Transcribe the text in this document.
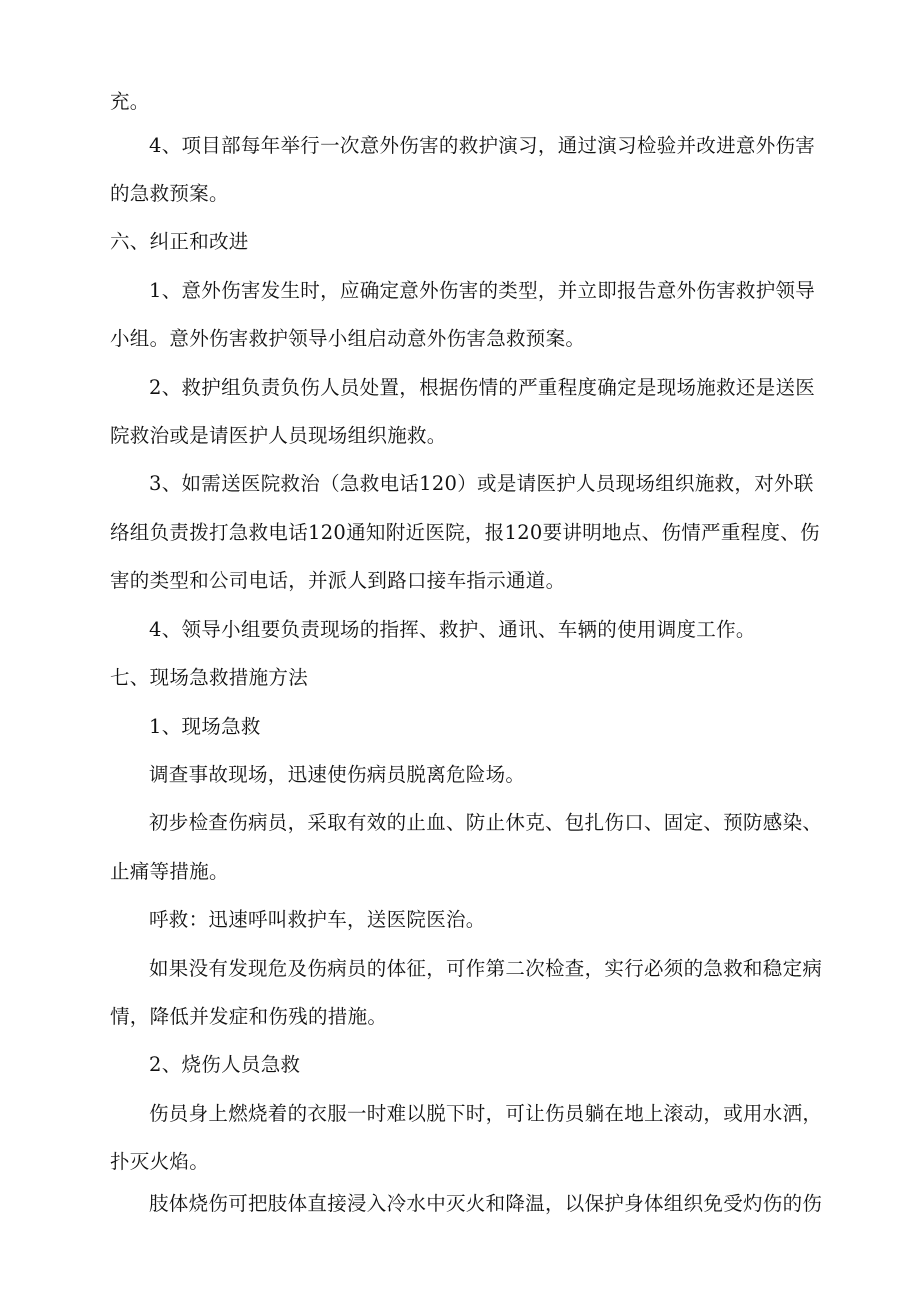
充。
4、项目部每年举行一次意外伤害的救护演习，通过演习检验并改进意外伤害
的急救预案。
六、纠正和改进
1、意外伤害发生时，应确定意外伤害的类型，并立即报告意外伤害救护领导
小组。意外伤害救护领导小组启动意外伤害急救预案。
2、救护组负责负伤人员处置，根据伤情的严重程度确定是现场施救还是送医
院救治或是请医护人员现场组织施救。
3、如需送医院救治（急救电话120）或是请医护人员现场组织施救，对外联
络组负责拨打急救电话120通知附近医院，报120要讲明地点、伤情严重程度、伤
害的类型和公司电话，并派人到路口接车指示通道。
4、领导小组要负责现场的指挥、救护、通讯、车辆的使用调度工作。
七、现场急救措施方法
1、现场急救
调查事故现场，迅速使伤病员脱离危险场。
初步检查伤病员，采取有效的止血、防止休克、包扎伤口、固定、预防感染、
止痛等措施。
呼救：迅速呼叫救护车，送医院医治。
如果没有发现危及伤病员的体征，可作第二次检查，实行必须的急救和稳定病
情，降低并发症和伤残的措施。
2、烧伤人员急救
伤员身上燃烧着的衣服一时难以脱下时，可让伤员躺在地上滚动，或用水洒，
扑灭火焰。
肢体烧伤可把肢体直接浸入冷水中灭火和降温，以保护身体组织免受灼伤的伤
